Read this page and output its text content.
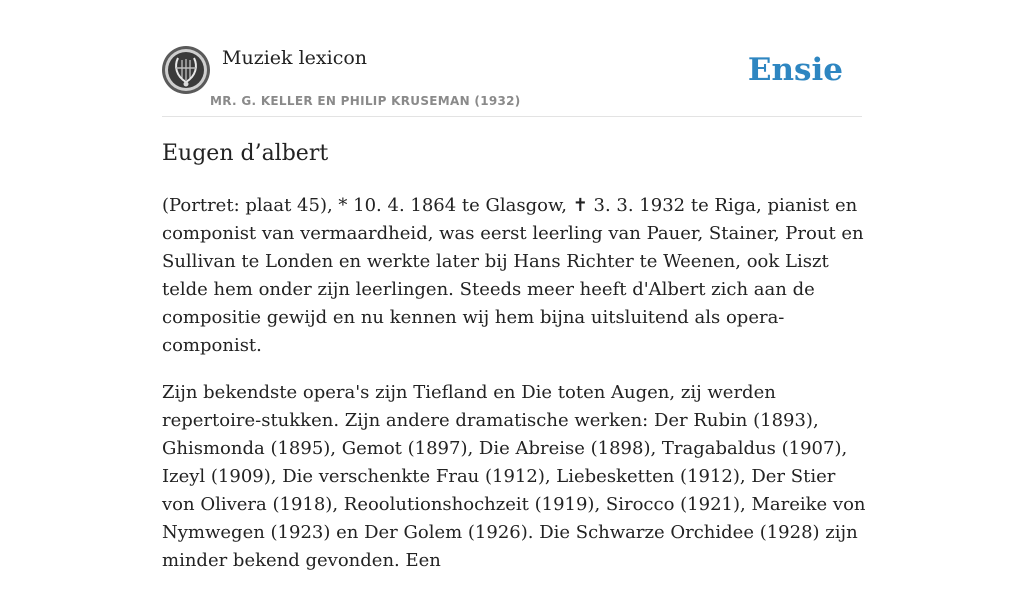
Muziek lexicon
MR. G. KELLER EN PHILIP KRUSEMAN (1932)
Ensie
Eugen d’albert

(Portret: plaat 45), * 10. 4. 1864 te Glasgow, ✝ 3. 3. 1932 te Riga, pianist en componist van vermaardheid, was eerst leerling van Pauer, Stainer, Prout en Sullivan te Londen en werkte later bij Hans Richter te Weenen, ook Liszt telde hem onder zijn leerlingen. Steeds meer heeft d'Albert zich aan de compositie gewijd en nu kennen wij hem bijna uitsluitend als opera-componist.

Zijn bekendste opera's zijn Tiefland en Die toten Augen, zij werden repertoire-stukken. Zijn andere dramatische werken: Der Rubin (1893), Ghismonda (1895), Gemot (1897), Die Abreise (1898), Tragabaldus (1907), Izeyl (1909), Die verschenkte Frau (1912), Liebesketten (1912), Der Stier von Olivera (1918), Reoolutionshochzeit (1919), Sirocco (1921), Mareike von Nymwegen (1923) en Der Golem (1926). Die Schwarze Orchidee (1928) zijn minder bekend gevonden. Een
